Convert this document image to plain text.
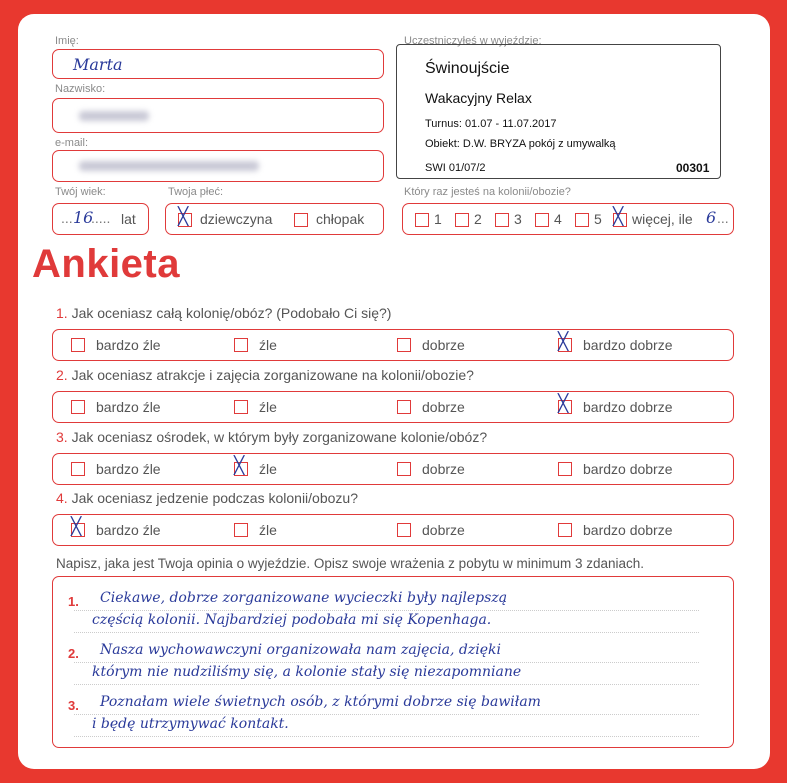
Imię:
Marta
Nazwisko:
e-mail:
Twój wiek:
... 16
..... lat
Twoja płeć:
╳ dziewczyna	chłopak
Uczestniczyłeś w wyjeździe:
Świnoujście
Wakacyjny Relax
Turnus: 01.07 - 11.07.2017
Obiekt: D.W. BRYZA pokój z umywalką
SWI 01/07/2	00301
Który raz jesteś na kolonii/obozie?
1 2 3 4 5 ╳ więcej, ile 6 ...
Ankieta
1. Jak oceniasz całą kolonię/obóz? (Podobało Ci się?)
bardzo źle	źle	dobrze	╳ bardzo dobrze
2. Jak oceniasz atrakcje i zajęcia zorganizowane na kolonii/obozie?
bardzo źle	źle	dobrze	╳ bardzo dobrze
3. Jak oceniasz ośrodek, w którym były zorganizowane kolonie/obóz?
bardzo źle	╳ źle	dobrze	bardzo dobrze
4. Jak oceniasz jedzenie podczas kolonii/obozu?
╳ bardzo źle	źle	dobrze	bardzo dobrze
Napisz, jaka jest Twoja opinia o wyjeździe. Opisz swoje wrażenia z pobytu w minimum 3 zdaniach.
1. Ciekawe, dobrze zorganizowane wycieczki były najlepszą
częścią kolonii. Najbardziej podobała mi się Kopenhaga.
2. Nasza wychowawczyni organizowała nam zajęcia, dzięki
którym nie nudziliśmy się, a kolonie stały się niezapomniane
3. Poznałam wiele świetnych osób, z którymi dobrze się bawiłam
i będę utrzymywać kontakt.
